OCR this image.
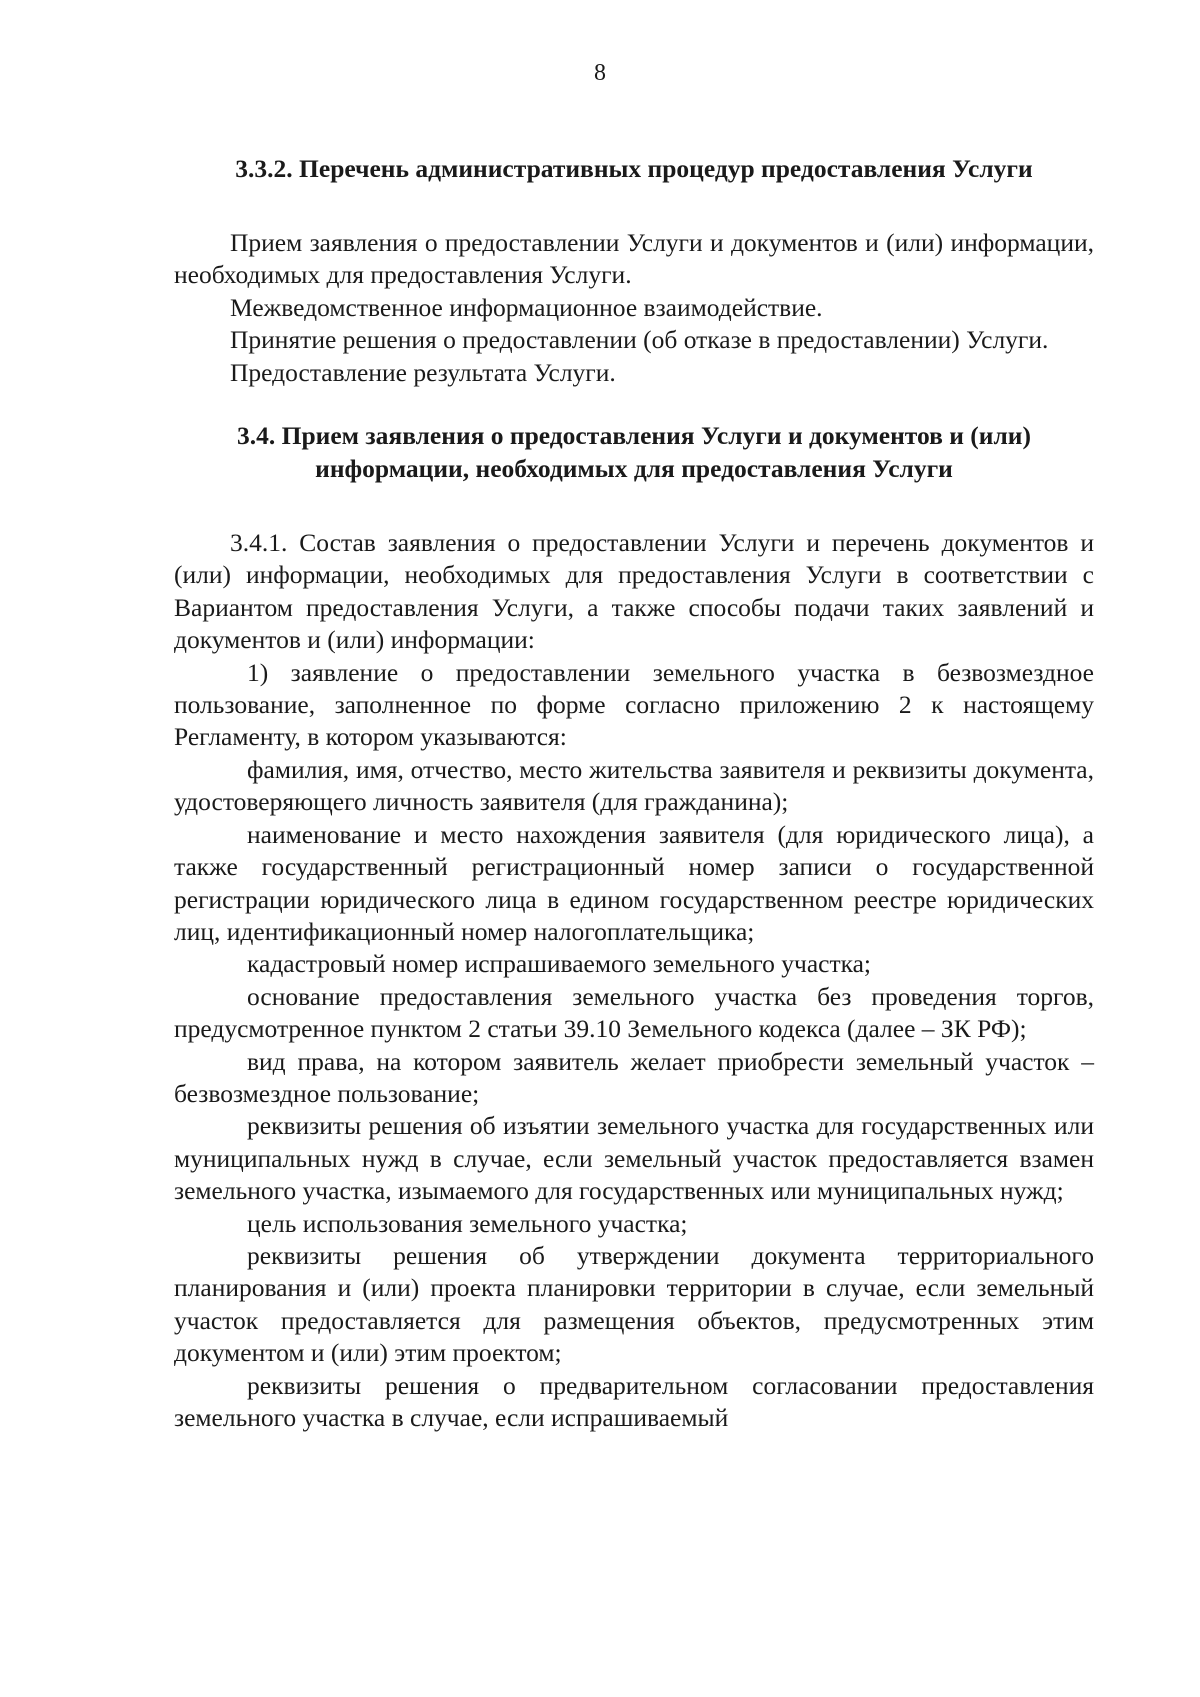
8

3.3.2. Перечень административных процедур предоставления Услуги

Прием заявления о предоставлении Услуги и документов и (или) информации, необходимых для предоставления Услуги.

Межведомственное информационное взаимодействие.

Принятие решения о предоставлении (об отказе в предоставлении) Услуги.

Предоставление результата Услуги.

3.4. Прием заявления о предоставления Услуги и документов и (или) информации, необходимых для предоставления Услуги

3.4.1. Состав заявления о предоставлении Услуги и перечень документов и (или) информации, необходимых для предоставления Услуги в соответствии с Вариантом предоставления Услуги, а также способы подачи таких заявлений и документов и (или) информации:

1) заявление о предоставлении земельного участка в безвозмездное пользование, заполненное по форме согласно приложению 2 к настоящему Регламенту, в котором указываются:

фамилия, имя, отчество, место жительства заявителя и реквизиты документа, удостоверяющего личность заявителя (для гражданина);

наименование и место нахождения заявителя (для юридического лица), а также государственный регистрационный номер записи о государственной регистрации юридического лица в едином государственном реестре юридических лиц, идентификационный номер налогоплательщика;

кадастровый номер испрашиваемого земельного участка;

основание предоставления земельного участка без проведения торгов, предусмотренное пунктом 2 статьи 39.10 Земельного кодекса (далее – ЗК РФ);

вид права, на котором заявитель желает приобрести земельный участок – безвозмездное пользование;

реквизиты решения об изъятии земельного участка для государственных или муниципальных нужд в случае, если земельный участок предоставляется взамен земельного участка, изымаемого для государственных или муниципальных нужд;

цель использования земельного участка;

реквизиты решения об утверждении документа территориального планирования и (или) проекта планировки территории в случае, если земельный участок предоставляется для размещения объектов, предусмотренных этим документом и (или) этим проектом;

реквизиты решения о предварительном согласовании предоставления земельного участка в случае, если испрашиваемый
